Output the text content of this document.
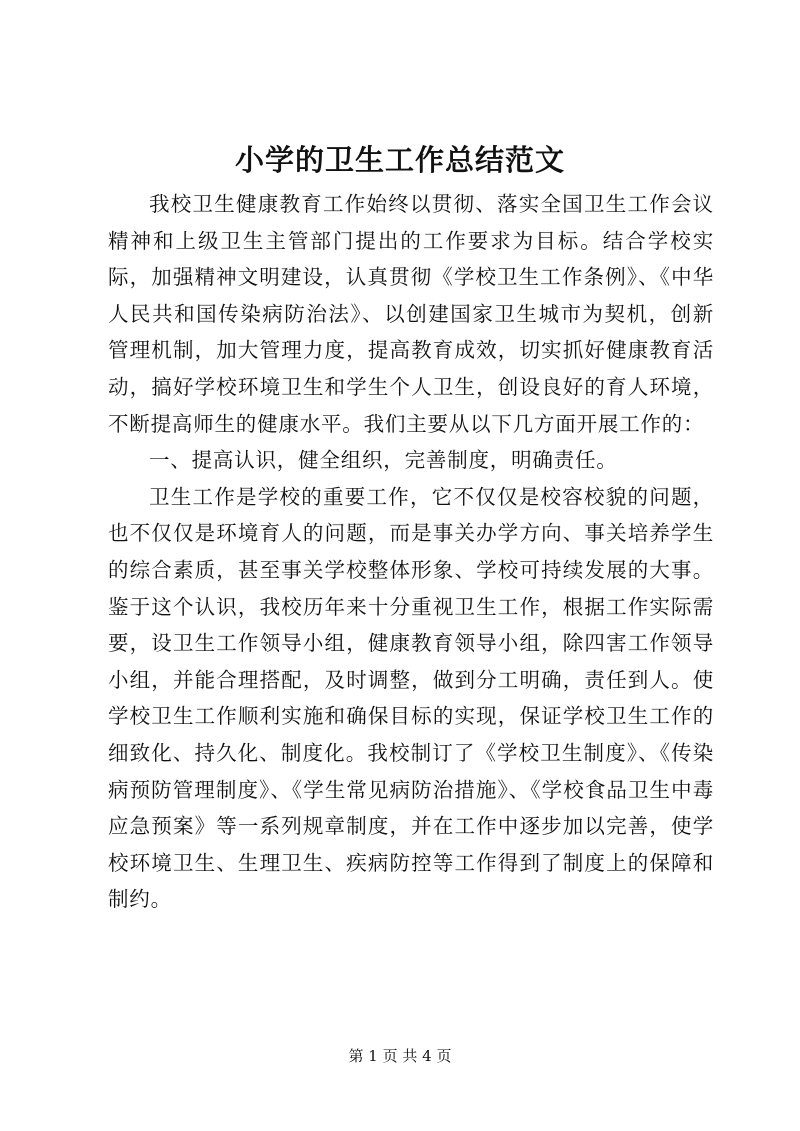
小学的卫生工作总结范文

我校卫生健康教育工作始终以贯彻、落实全国卫生工作会议精神和上级卫生主管部门提出的工作要求为目标。结合学校实际，加强精神文明建设，认真贯彻《学校卫生工作条例》、《中华人民共和国传染病防治法》、以创建国家卫生城市为契机，创新管理机制，加大管理力度，提高教育成效，切实抓好健康教育活动，搞好学校环境卫生和学生个人卫生，创设良好的育人环境，不断提高师生的健康水平。我们主要从以下几方面开展工作的：

一、提高认识，健全组织，完善制度，明确责任。

卫生工作是学校的重要工作，它不仅仅是校容校貌的问题，也不仅仅是环境育人的问题，而是事关办学方向、事关培养学生的综合素质，甚至事关学校整体形象、学校可持续发展的大事。鉴于这个认识，我校历年来十分重视卫生工作，根据工作实际需要，设卫生工作领导小组，健康教育领导小组，除四害工作领导小组，并能合理搭配，及时调整，做到分工明确，责任到人。使学校卫生工作顺利实施和确保目标的实现，保证学校卫生工作的细致化、持久化、制度化。我校制订了《学校卫生制度》、《传染病预防管理制度》、《学生常见病防治措施》、《学校食品卫生中毒应急预案》等一系列规章制度，并在工作中逐步加以完善，使学校环境卫生、生理卫生、疾病防控等工作得到了制度上的保障和制约。

第 1 页 共 4 页
